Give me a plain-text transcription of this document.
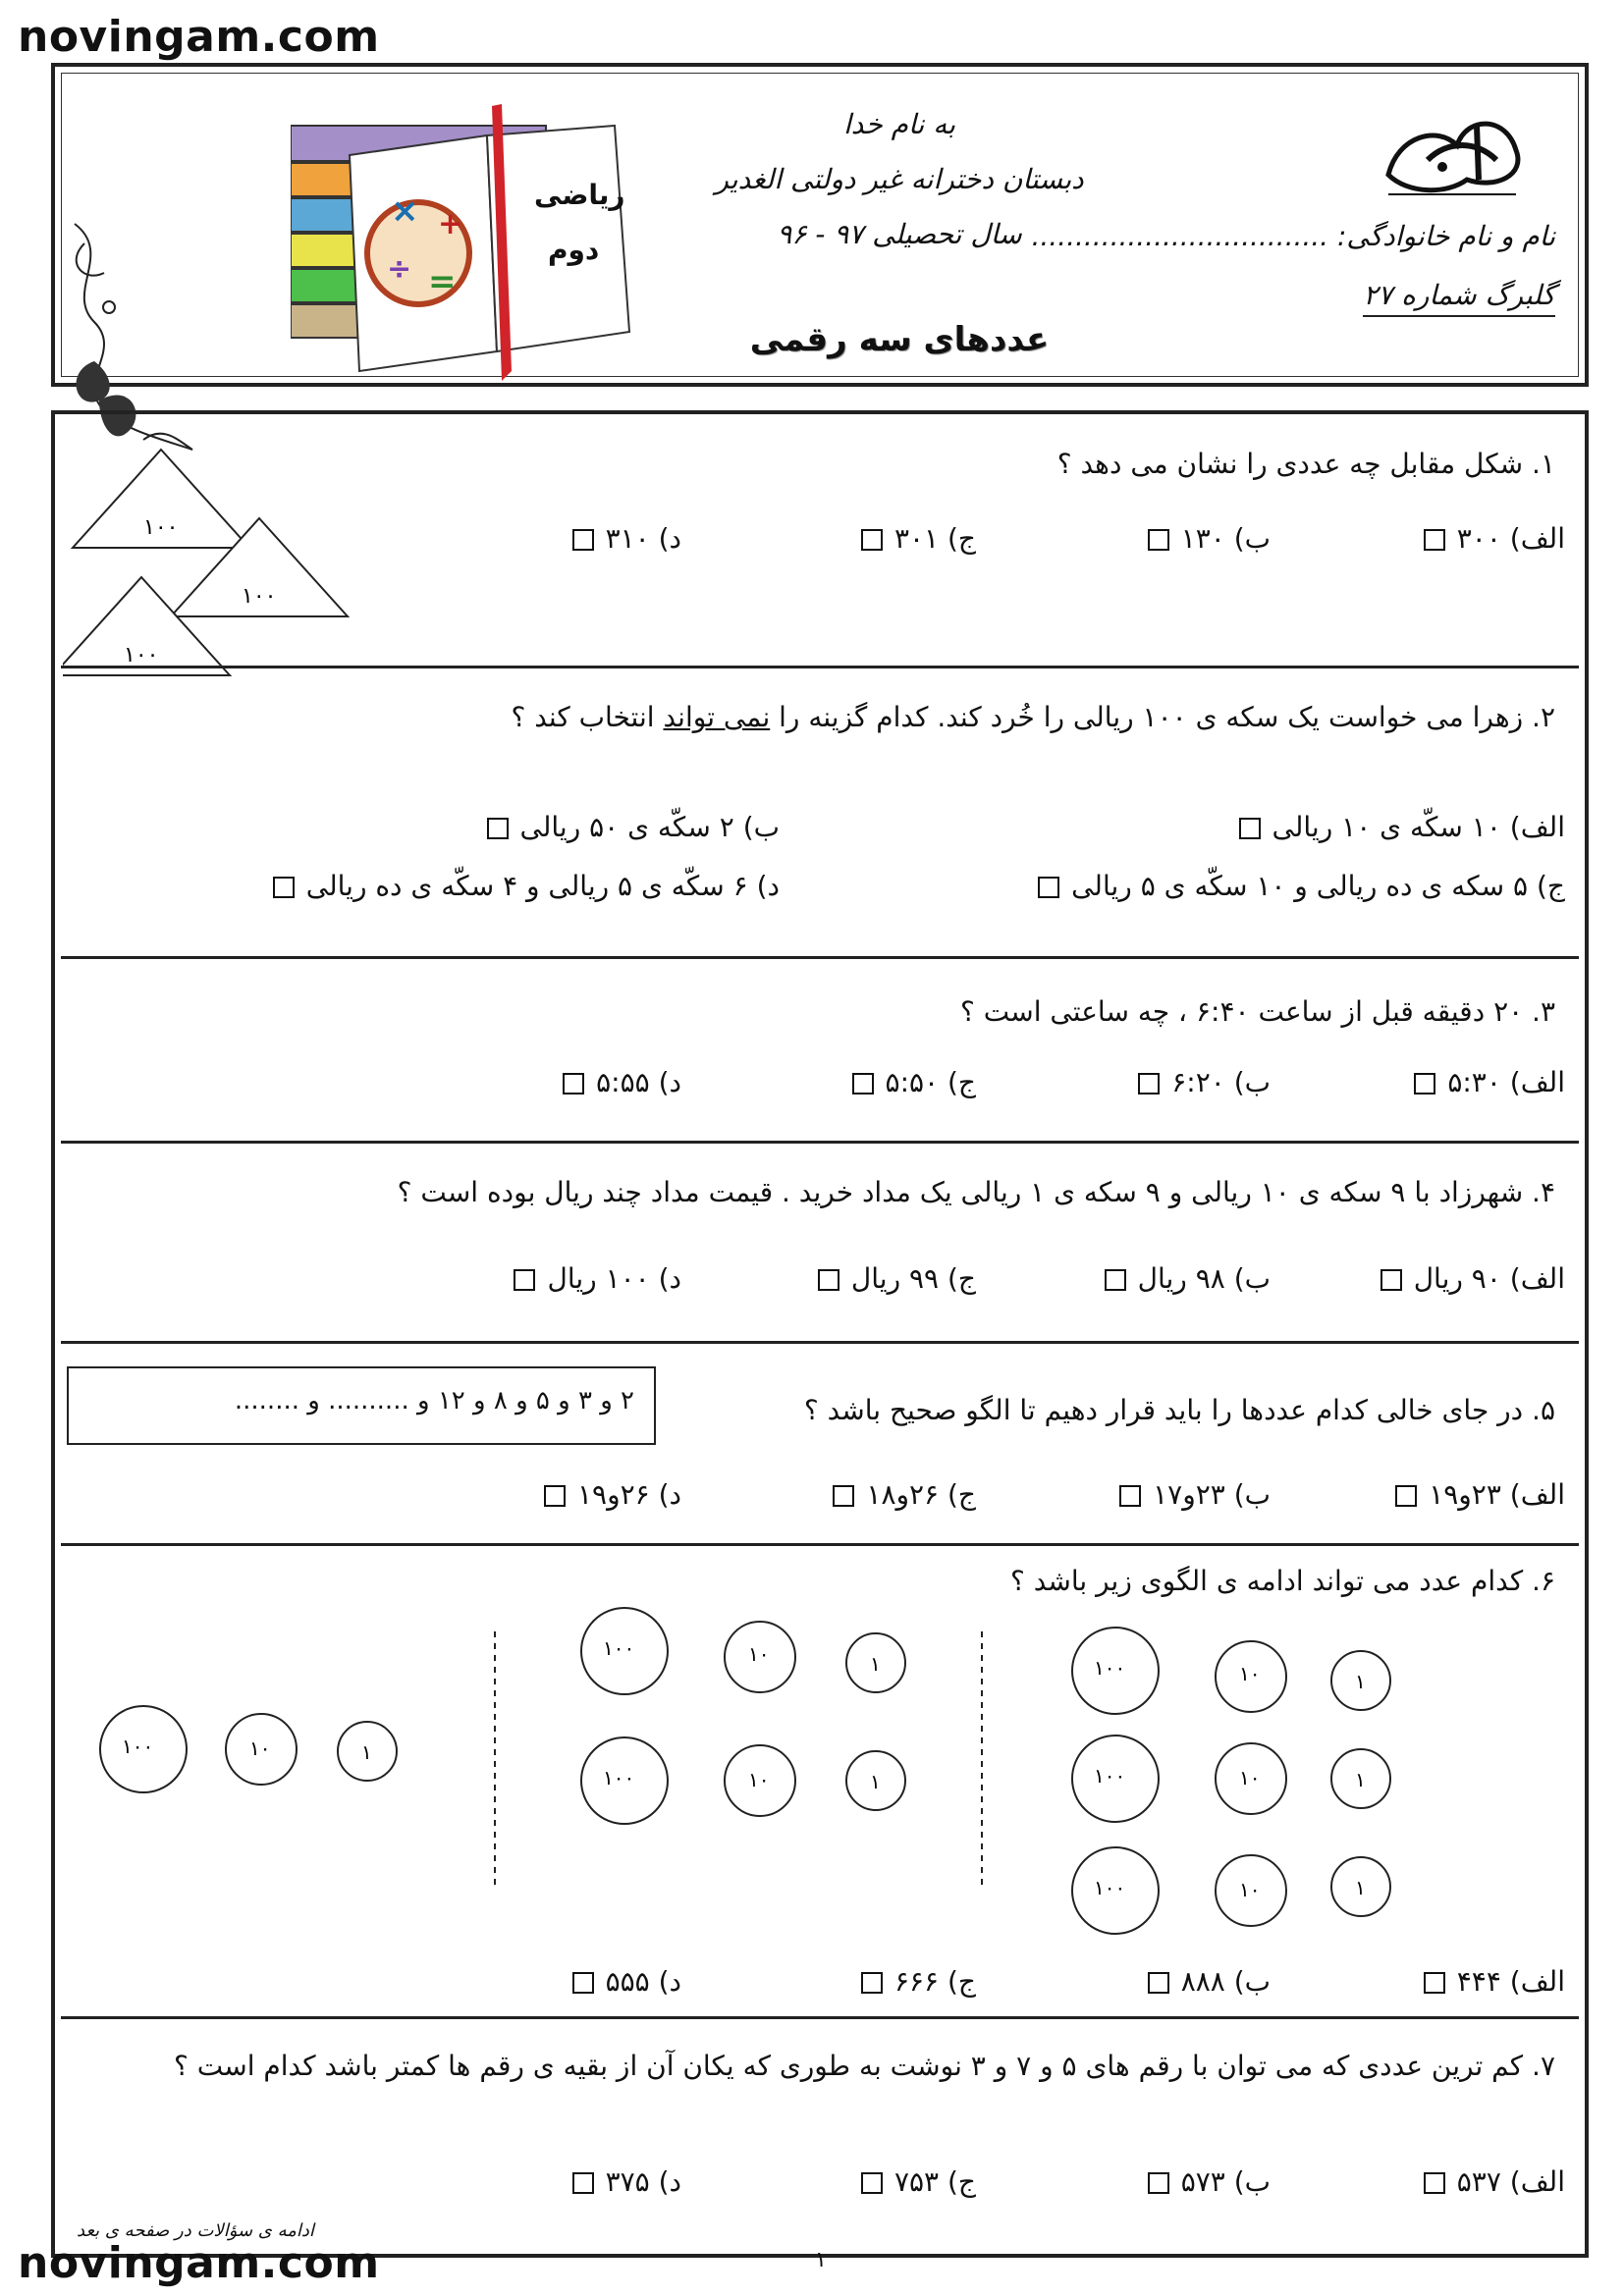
novingam.com
×
=
+
÷
ریاضی
دوم
به نام خدا
دبستان دخترانه غیر دولتی الغدیر
سال تحصیلی ۹۷ - ۹۶
عددهای سه رقمی
نام و نام خانوادگی: ..................................
گلبرگ شماره ۲۷
۱. شکل مقابل چه عددی را نشان می دهد ؟
۱۰۰
۱۰۰
۱۰۰
الف) ۳۰۰
ب) ۱۳۰
ج) ۳۰۱
د) ۳۱۰
۲. زهرا می خواست یک سکه ی ۱۰۰ ریالی را خُرد کند. کدام گزینه را نمی تواند انتخاب کند ؟
الف) ۱۰ سکّه ی ۱۰ ریالی
ب) ۲ سکّه ی ۵۰ ریالی
ج) ۵ سکه ی ده ریالی و ۱۰ سکّه ی ۵ ریالی
د) ۶ سکّه ی ۵ ریالی و ۴ سکّه ی ده ریالی
۳. ۲۰ دقیقه قبل از ساعت ۶:۴۰ ، چه ساعتی است ؟
الف) ۵:۳۰
ب) ۶:۲۰
ج) ۵:۵۰
د) ۵:۵۵
۴. شهرزاد با ۹ سکه ی ۱۰ ریالی و ۹ سکه ی ۱ ریالی یک مداد خرید . قیمت مداد چند ریال بوده است ؟
الف) ۹۰ ریال
ب) ۹۸ ریال
ج) ۹۹ ریال
د) ۱۰۰ ریال
۵. در جای خالی کدام عددها را باید قرار دهیم تا الگو صحیح باشد ؟
۲ و ۳ و ۵ و ۸ و ۱۲ و .......... و ........
الف) ۲۳و۱۹
ب) ۲۳و۱۷
ج) ۲۶و۱۸
د) ۲۶و۱۹
۶. کدام عدد می تواند ادامه ی الگوی زیر باشد ؟
۱۰۰	۱۰	۱
۱۰۰	۱۰	۱
۱۰۰	۱۰	۱
۱۰۰	۱۰	۱
۱۰۰	۱۰	۱
۱۰۰	۱۰	۱
الف) ۴۴۴
ب) ۸۸۸
ج) ۶۶۶
د) ۵۵۵
۷. کم ترین عددی که می توان با رقم های ۵ و ۷ و ۳ نوشت به طوری که یکان آن از بقیه ی رقم ها کمتر باشد کدام است ؟
الف) ۵۳۷
ب) ۵۷۳
ج) ۷۵۳
د) ۳۷۵
ادامه ی سؤالات در صفحه ی بعد
۱
novingam.com
